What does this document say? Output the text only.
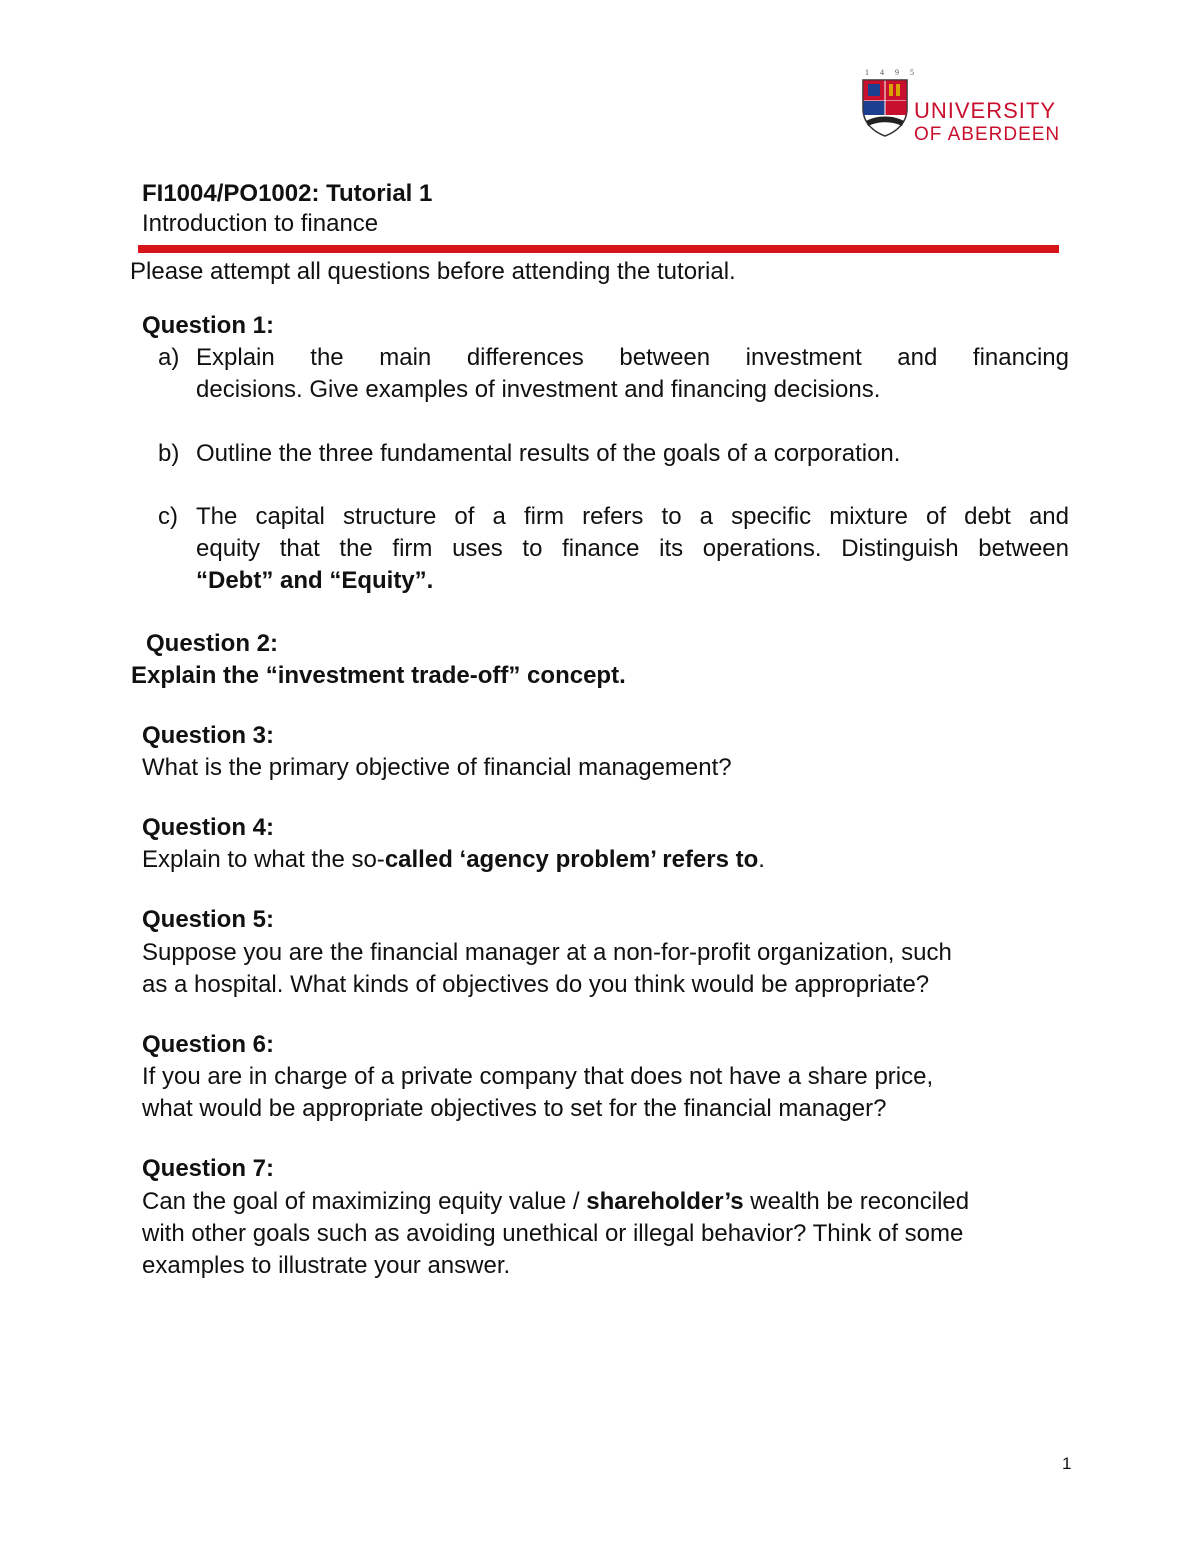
1495
UNIVERSITY
OF ABERDEEN
FI1004/PO1002: Tutorial 1
Introduction to finance
Please attempt all questions before attending the tutorial.
Question 1:
a) Explain the main differences between investment and financing
decisions. Give examples of investment and financing decisions.
b) Outline the three fundamental results of the goals of a corporation.
c) The capital structure of a firm refers to a specific mixture of debt and
equity that the firm uses to finance its operations. Distinguish between
“Debt” and “Equity”.
Question 2:
Explain the “investment trade-off” concept.
Question 3:
What is the primary objective of financial management?
Question 4:
Explain to what the so-called ‘agency problem’ refers to.
Question 5:
Suppose you are the financial manager at a non-for-profit organization, such
as a hospital. What kinds of objectives do you think would be appropriate?
Question 6:
If you are in charge of a private company that does not have a share price,
what would be appropriate objectives to set for the financial manager?
Question 7:
Can the goal of maximizing equity value / shareholder’s wealth be reconciled
with other goals such as avoiding unethical or illegal behavior? Think of some
examples to illustrate your answer.
1
